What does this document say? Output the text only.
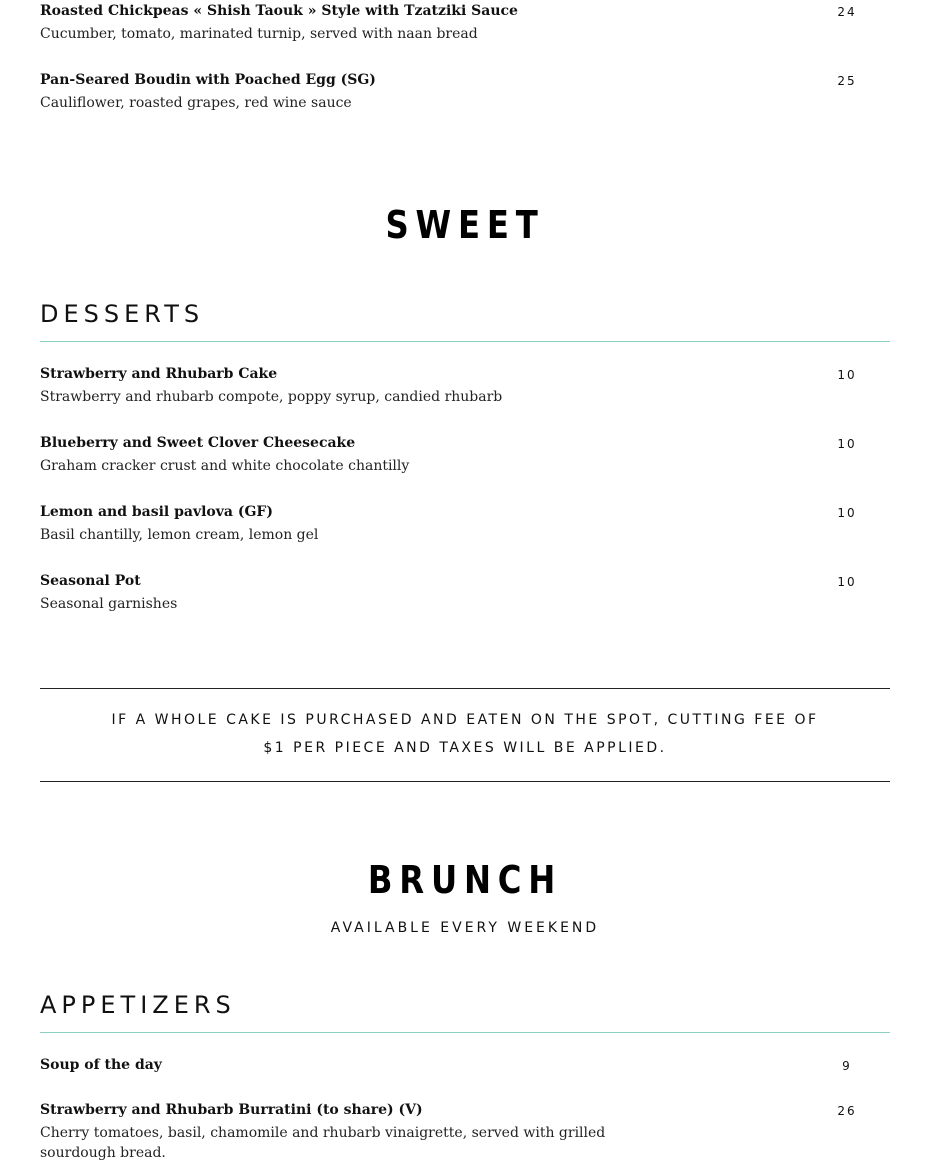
Roasted Chickpeas « Shish Taouk » Style with Tzatziki Sauce
Cucumber, tomato, marinated turnip, served with naan bread
24
Pan-Seared Boudin with Poached Egg (SG)
Cauliflower, roasted grapes, red wine sauce
25
SWEET
DESSERTS
Strawberry and Rhubarb Cake
Strawberry and rhubarb compote, poppy syrup, candied rhubarb
10
Blueberry and Sweet Clover Cheesecake
Graham cracker crust and white chocolate chantilly
10
Lemon and basil pavlova (GF)
Basil chantilly, lemon cream, lemon gel
10
Seasonal Pot
Seasonal garnishes
10
IF A WHOLE CAKE IS PURCHASED AND EATEN ON THE SPOT, CUTTING FEE OF
$1 PER PIECE AND TAXES WILL BE APPLIED.
BRUNCH
AVAILABLE EVERY WEEKEND
APPETIZERS
Soup of the day	9
Strawberry and Rhubarb Burratini (to share) (V)
Cherry tomatoes, basil, chamomile and rhubarb vinaigrette, served with grilled sourdough bread.
26
